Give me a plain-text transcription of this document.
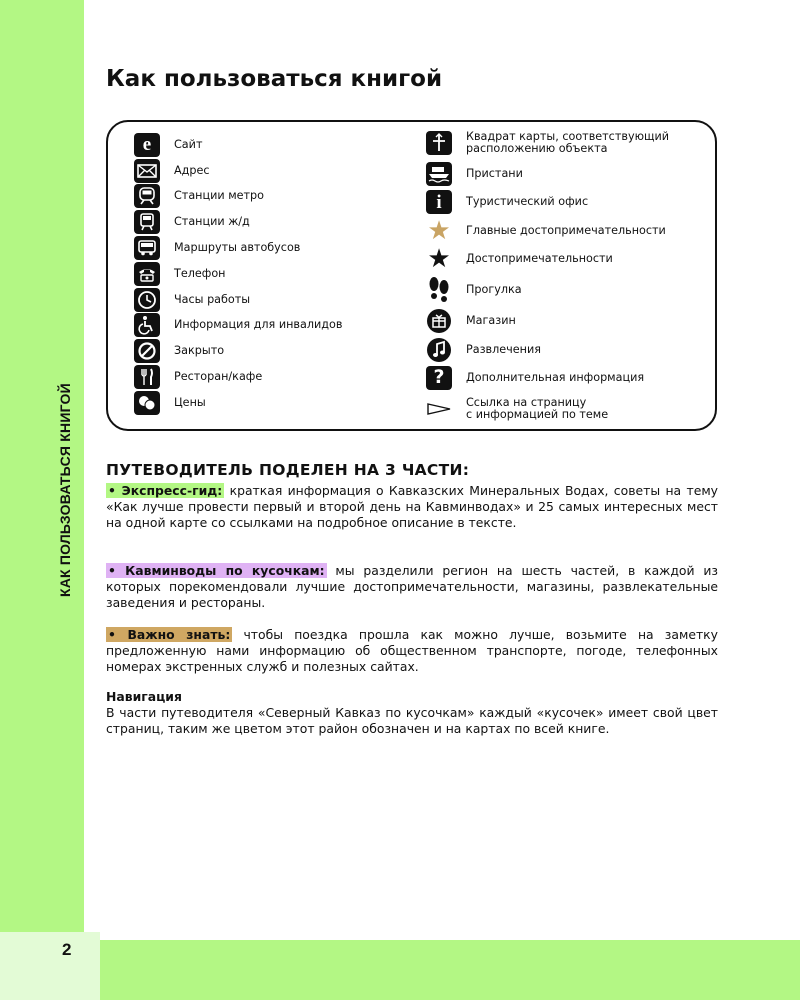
КАК ПОЛЬЗОВАТЬСЯ КНИГОЙ
2
Как пользоваться книгой
e Сайт
Адрес
Станции метро
Станции ж/д
Маршруты автобусов
Телефон
Часы работы
Информация для инвалидов
Закрыто
Ресторан/кафе
Цены
Квадрат карты, соответствующий
расположению объекта
Пристани
i Туристический офис
★ Главные достопримечательности
★ Достопримечательности
Прогулка
Магазин
Развлечения
? Дополнительная информация
Ссылка на страницу
с информацией по теме
ПУТЕВОДИТЕЛЬ ПОДЕЛЕН НА 3 ЧАСТИ:

• Экспресс-гид: краткая информация о Кавказских Минеральных Водах, советы на тему «Как лучше провести первый и второй день на Кавминводах» и 25 самых интересных мест на одной карте со ссылками на подробное описание в тексте.

• Кавминводы по кусочкам: мы разделили регион на шесть частей, в каждой из которых порекомендовали лучшие достопримечательности, магазины, развлекательные заведения и рестораны.

• Важно знать: чтобы поездка прошла как можно лучше, возьмите на заметку предложенную нами информацию об общественном транспорте, погоде, телефонных номерах экстренных служб и полезных сайтах.

Навигация
В части путеводителя «Северный Кавказ по кусочкам» каждый «кусочек» имеет свой цвет страниц, таким же цветом этот район обозначен и на картах по всей книге.
